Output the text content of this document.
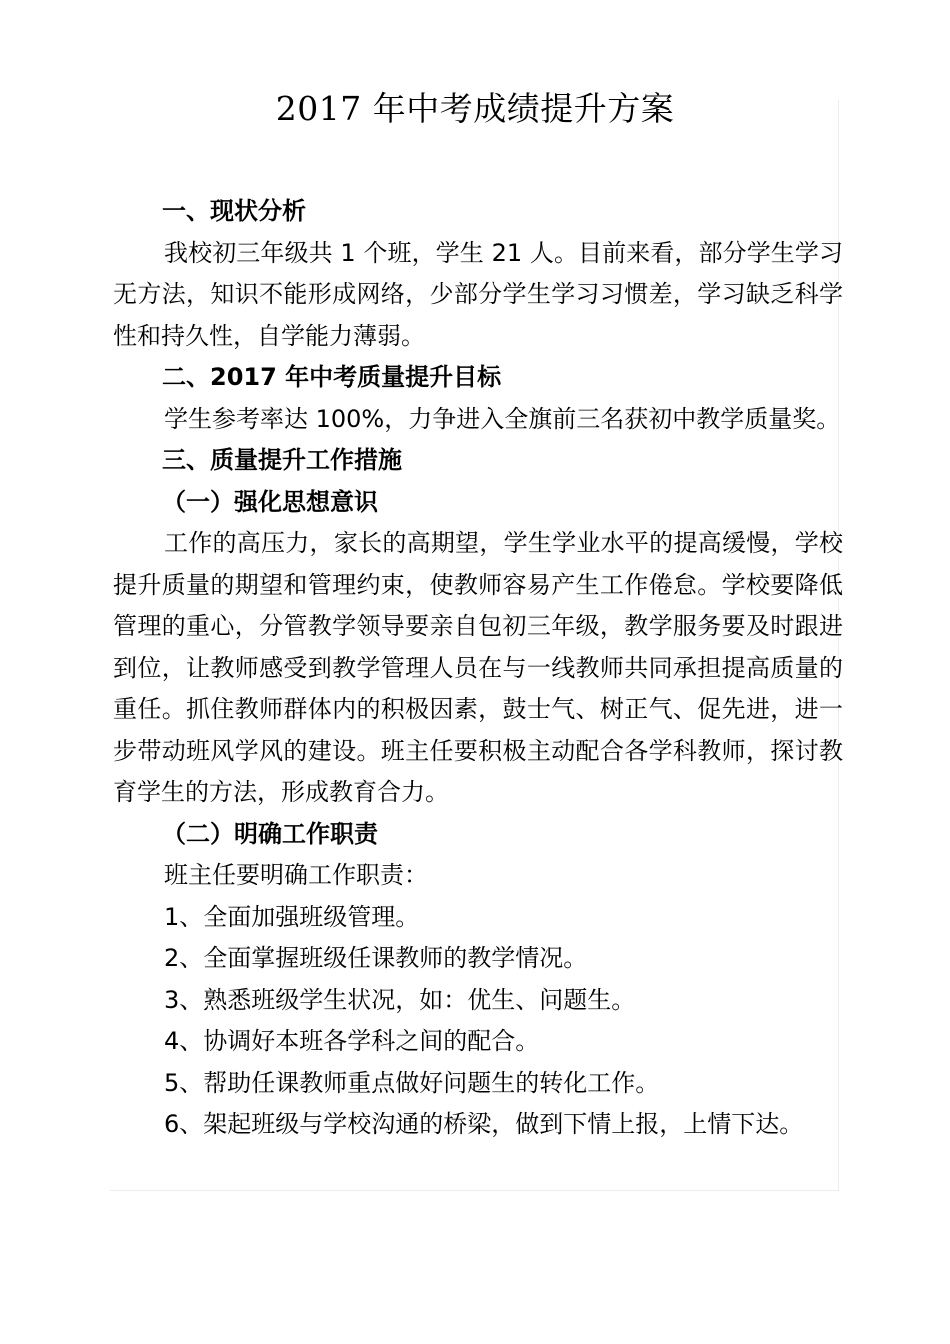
2017 年中考成绩提升方案

一、现状分析

我校初三年级共 1 个班，学生 21 人。目前来看，部分学生学习无方法，知识不能形成网络，少部分学生学习习惯差，学习缺乏科学性和持久性，自学能力薄弱。

二、2017 年中考质量提升目标

学生参考率达 100%，力争进入全旗前三名获初中教学质量奖。

三、质量提升工作措施

（一）强化思想意识

工作的高压力，家长的高期望，学生学业水平的提高缓慢，学校提升质量的期望和管理约束，使教师容易产生工作倦怠。学校要降低管理的重心，分管教学领导要亲自包初三年级，教学服务要及时跟进到位，让教师感受到教学管理人员在与一线教师共同承担提高质量的重任。抓住教师群体内的积极因素，鼓士气、树正气、促先进，进一步带动班风学风的建设。班主任要积极主动配合各学科教师，探讨教育学生的方法，形成教育合力。

（二）明确工作职责

班主任要明确工作职责：

1、全面加强班级管理。

2、全面掌握班级任课教师的教学情况。

3、熟悉班级学生状况，如：优生、问题生。

4、协调好本班各学科之间的配合。

5、帮助任课教师重点做好问题生的转化工作。

6、架起班级与学校沟通的桥梁，做到下情上报，上情下达。
